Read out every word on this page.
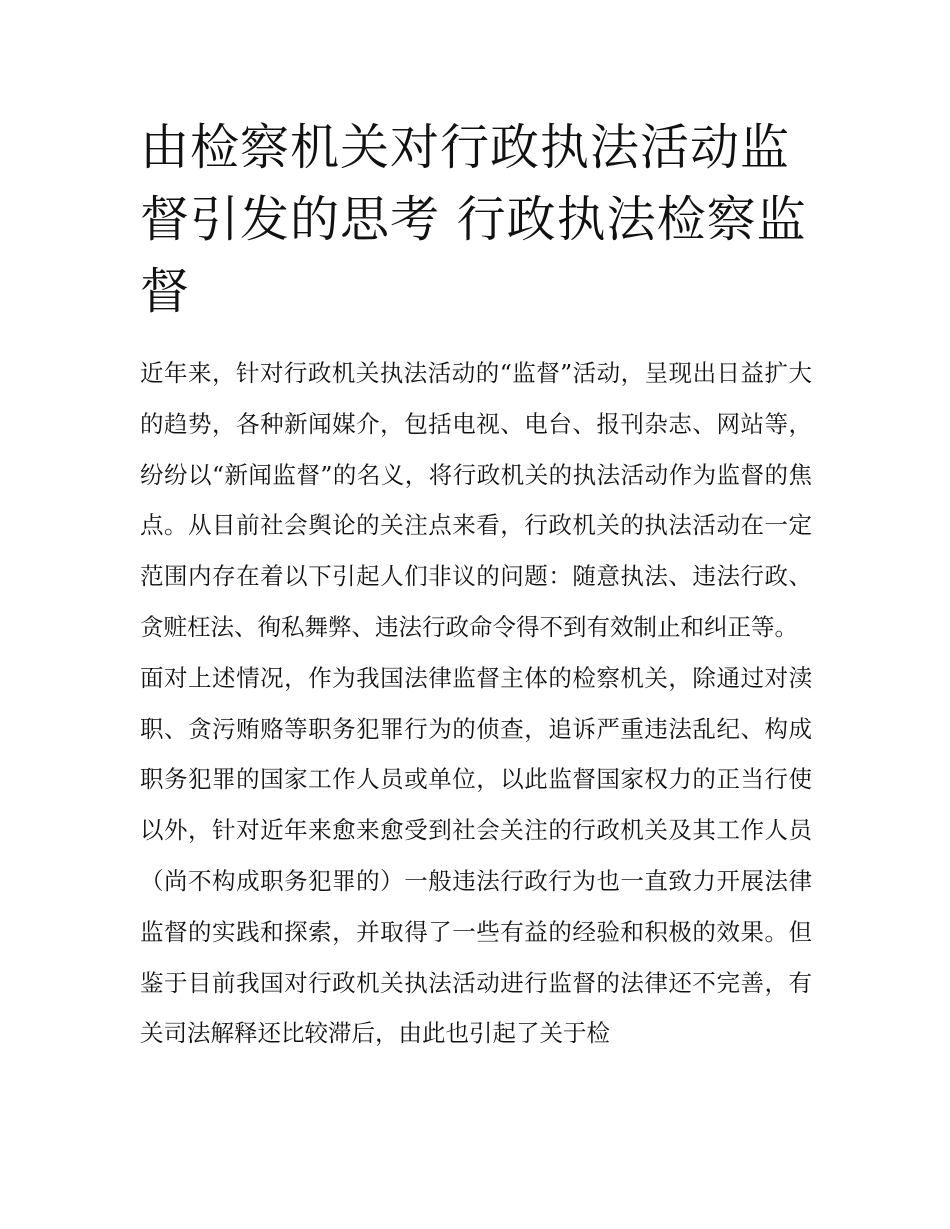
由检察机关对行政执法活动监督引发的思考 行政执法检察监督

近年来，针对行政机关执法活动的“监督”活动，呈现出日益扩大的趋势，各种新闻媒介，包括电视、电台、报刊杂志、网站等，纷纷以“新闻监督”的名义，将行政机关的执法活动作为监督的焦点。从目前社会舆论的关注点来看，行政机关的执法活动在一定范围内存在着以下引起人们非议的问题：随意执法、违法行政、贪赃枉法、徇私舞弊、违法行政命令得不到有效制止和纠正等。

面对上述情况，作为我国法律监督主体的检察机关，除通过对渎职、贪污贿赂等职务犯罪行为的侦查，追诉严重违法乱纪、构成职务犯罪的国家工作人员或单位，以此监督国家权力的正当行使以外，针对近年来愈来愈受到社会关注的行政机关及其工作人员（尚不构成职务犯罪的）一般违法行政行为也一直致力开展法律监督的实践和探索，并取得了一些有益的经验和积极的效果。但鉴于目前我国对行政机关执法活动进行监督的法律还不完善，有关司法解释还比较滞后，由此也引起了关于检
